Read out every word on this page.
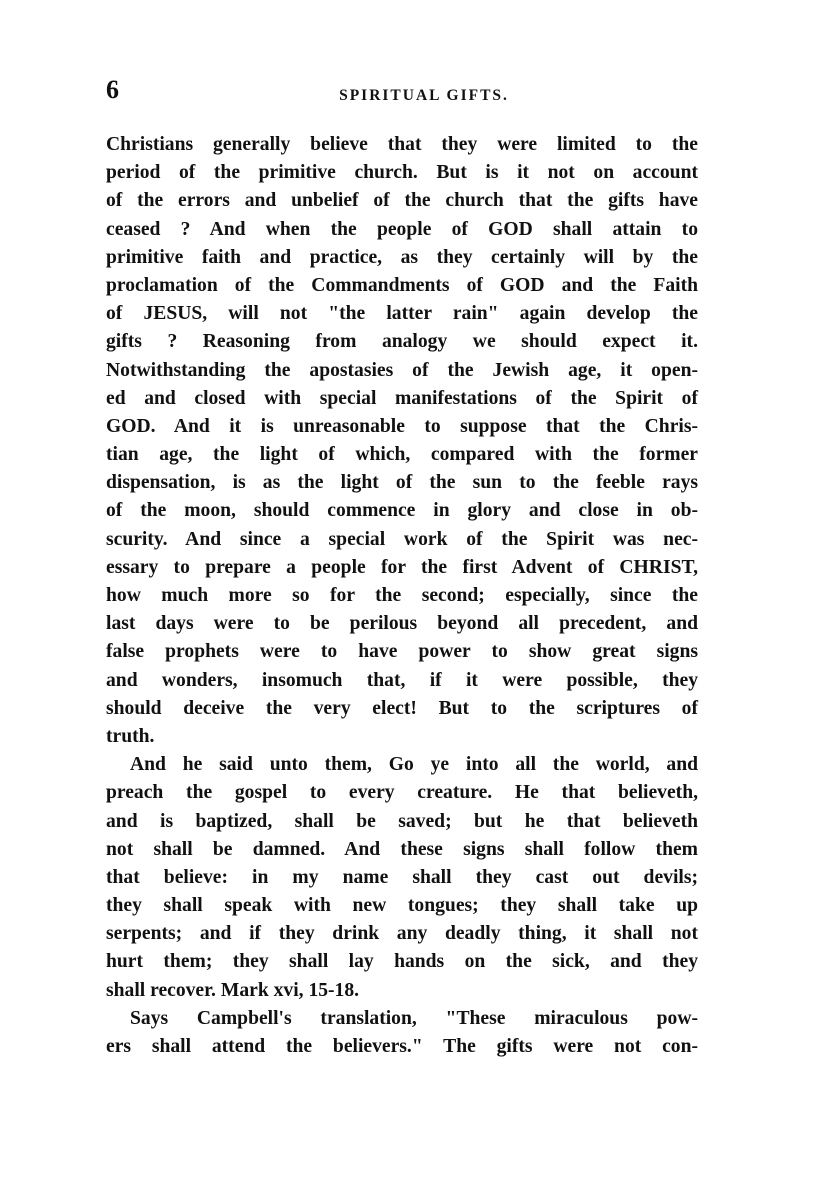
6	SPIRITUAL GIFTS.
Christians generally believe that they were limited to the
period of the primitive church. But is it not on account
of the errors and unbelief of the church that the gifts have
ceased ? And when the people of GOD shall attain to
primitive faith and practice, as they certainly will by the
proclamation of the Commandments of GOD and the Faith
of JESUS, will not "the latter rain" again develop the
gifts ? Reasoning from analogy we should expect it.
Notwithstanding the apostasies of the Jewish age, it open-
ed and closed with special manifestations of the Spirit of
GOD. And it is unreasonable to suppose that the Chris-
tian age, the light of which, compared with the former
dispensation, is as the light of the sun to the feeble rays
of the moon, should commence in glory and close in ob-
scurity. And since a special work of the Spirit was nec-
essary to prepare a people for the first Advent of CHRIST,
how much more so for the second; especially, since the
last days were to be perilous beyond all precedent, and
false prophets were to have power to show great signs
and wonders, insomuch that, if it were possible, they
should deceive the very elect! But to the scriptures of
truth.
And he said unto them, Go ye into all the world, and
preach the gospel to every creature. He that believeth,
and is baptized, shall be saved; but he that believeth
not shall be damned. And these signs shall follow them
that believe: in my name shall they cast out devils;
they shall speak with new tongues; they shall take up
serpents; and if they drink any deadly thing, it shall not
hurt them; they shall lay hands on the sick, and they
shall recover. Mark xvi, 15-18.
Says Campbell's translation, "These miraculous pow-
ers shall attend the believers." The gifts were not con-
